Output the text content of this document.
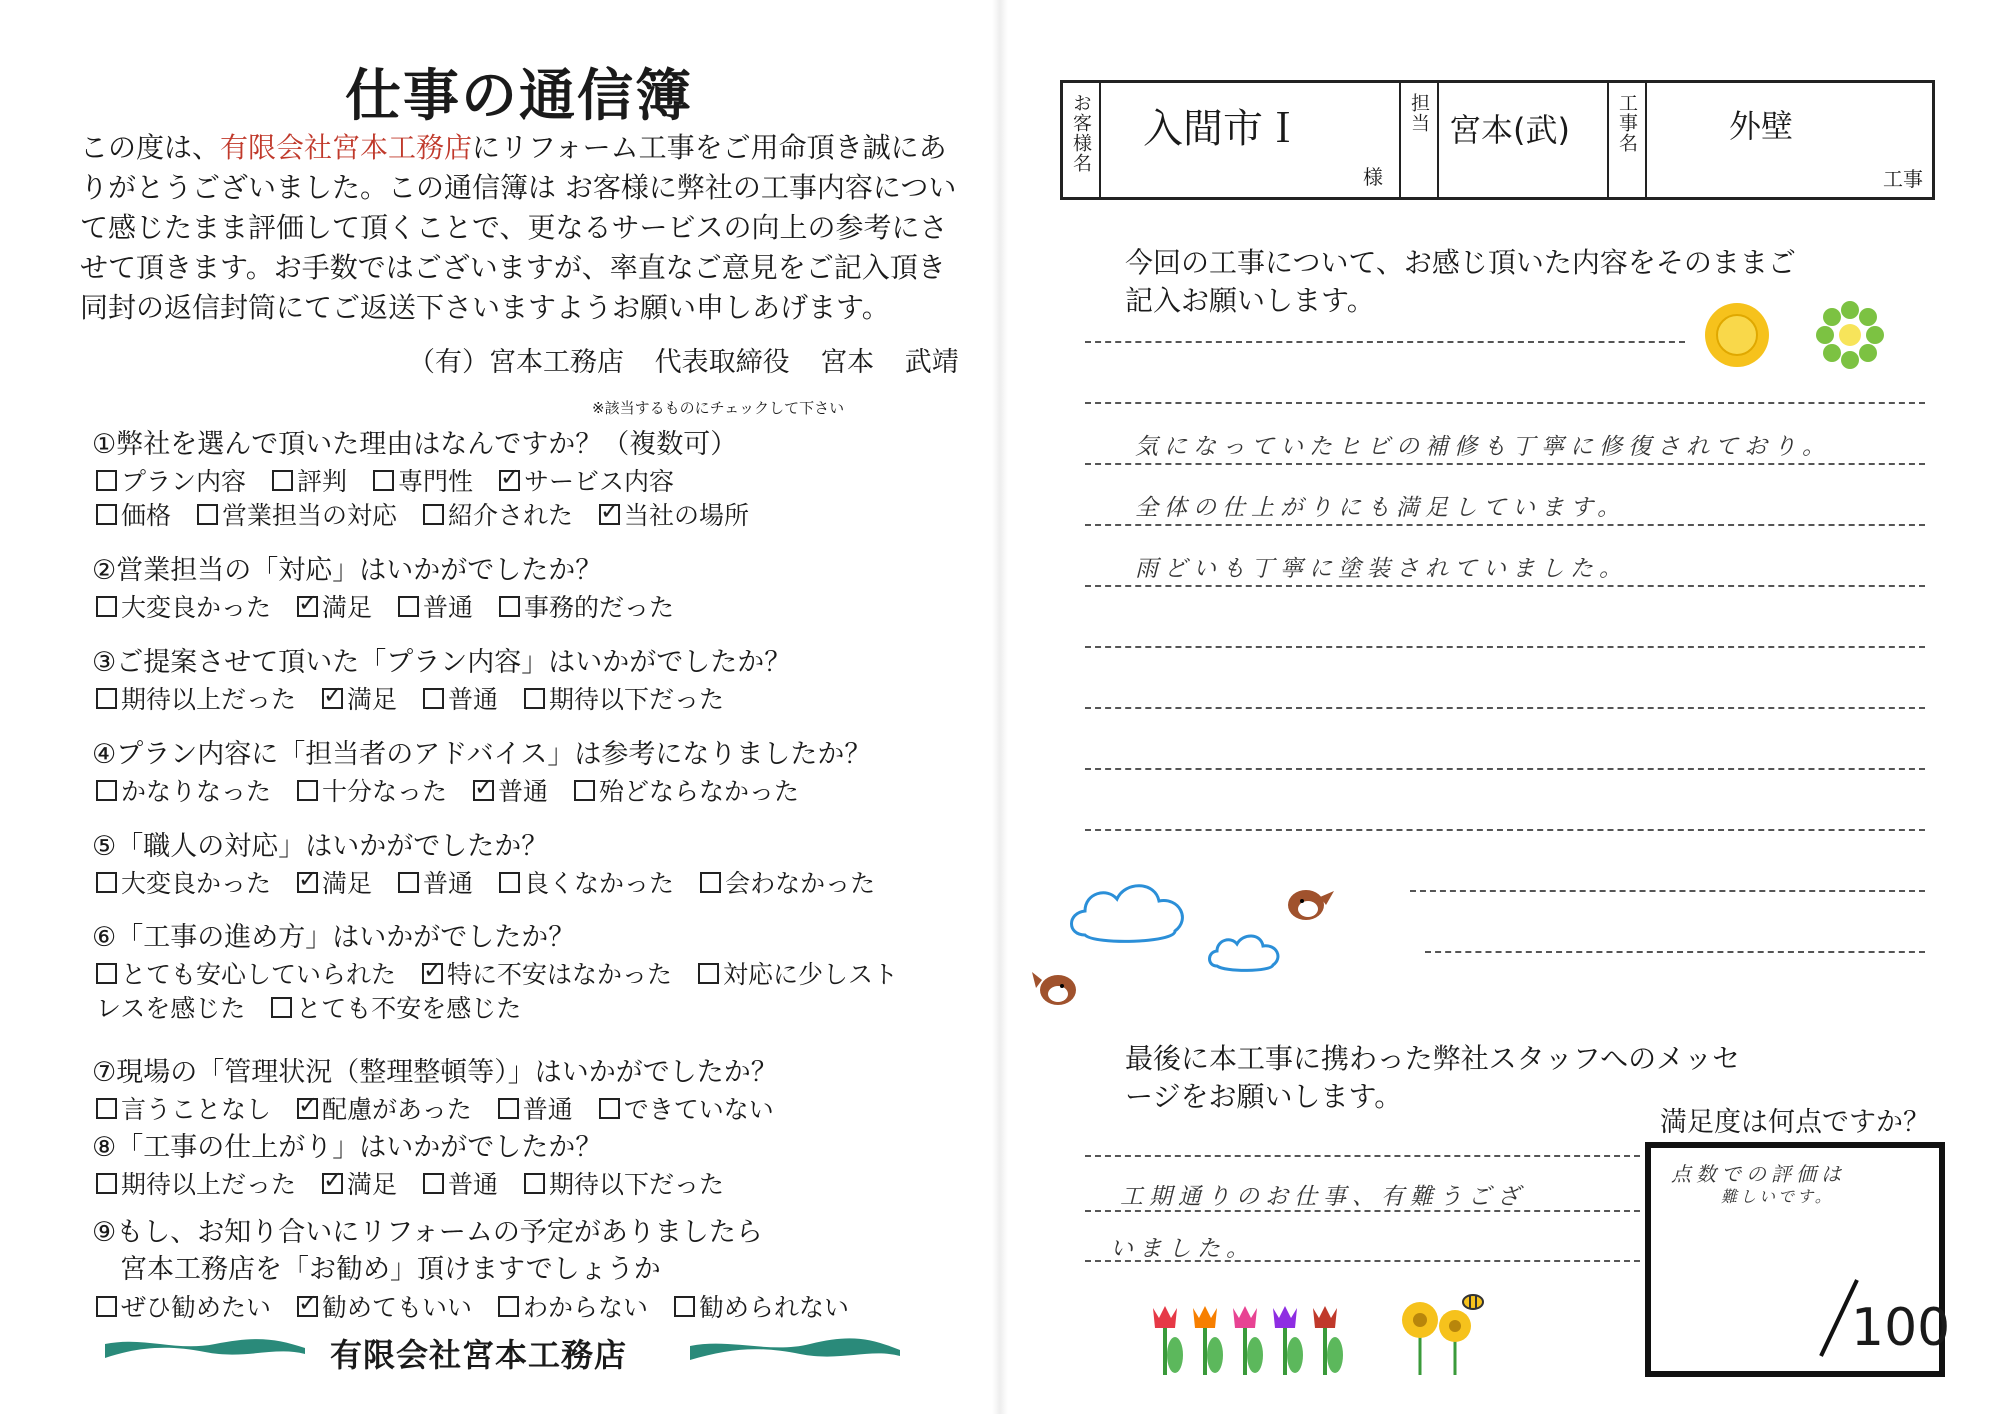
仕事の通信簿
この度は、有限会社宮本工務店にリフォーム工事をご用命頂き誠にありがとうございました。この通信簿は お客様に弊社の工事内容について感じたまま評価して頂くことで、更なるサービスの向上の参考にさせて頂きます。お手数ではございますが、率直なご意見をご記入頂き 同封の返信封筒にてご返送下さいますようお願い申しあげます。
（有）宮本工務店 代表取締役 宮本 武靖
※該当するものにチェックして下さい
①弊社を選んで頂いた理由はなんですか？（複数可）
プラン内容 評判 専門性 ✓ サービス内容
価格 営業担当の対応 紹介された ✓ 当社の場所
②営業担当の「対応」はいかがでしたか？
大変良かった ✓ 満足 普通 事務的だった
③ご提案させて頂いた「プラン内容」はいかがでしたか？
期待以上だった ✓ 満足 普通 期待以下だった
④プラン内容に「担当者のアドバイス」は参考になりましたか？
かなりなった 十分なった ✓ 普通 殆どならなかった
⑤「職人の対応」はいかがでしたか？
大変良かった ✓ 満足 普通 良くなかった 会わなかった
⑥「工事の進め方」はいかがでしたか？
とても安心していられた ✓ 特に不安はなかった 対応に少しスト
レスを感じた とても不安を感じた
⑦現場の「管理状況（整理整頓等）」はいかがでしたか？
言うことなし ✓ 配慮があった 普通 できていない
⑧「工事の仕上がり」はいかがでしたか？
期待以上だった ✓ 満足 普通 期待以下だった
⑨もし、お知り合いにリフォームの予定がありましたら
宮本工務店を「お勧め」頂けますでしょうか
ぜひ勧めたい ✓ 勧めてもいい わからない 勧められない
有限会社宮本工務店
お客様名 入間市Ｉ
様
担当 宮本(武) 工事名	外壁
工事
今回の工事について、お感じ頂いた内容をそのままご記入お願いします。
気になっていたヒビの補修も丁寧に修復されており。
全体の仕上がりにも満足しています。
雨どいも丁寧に塗装されていました。
最後に本工事に携わった弊社スタッフへのメッセージをお願いします。
工期通りのお仕事、有難うござ
いました。
満足度は何点ですか？
点数での評価は
難しいです。
100
